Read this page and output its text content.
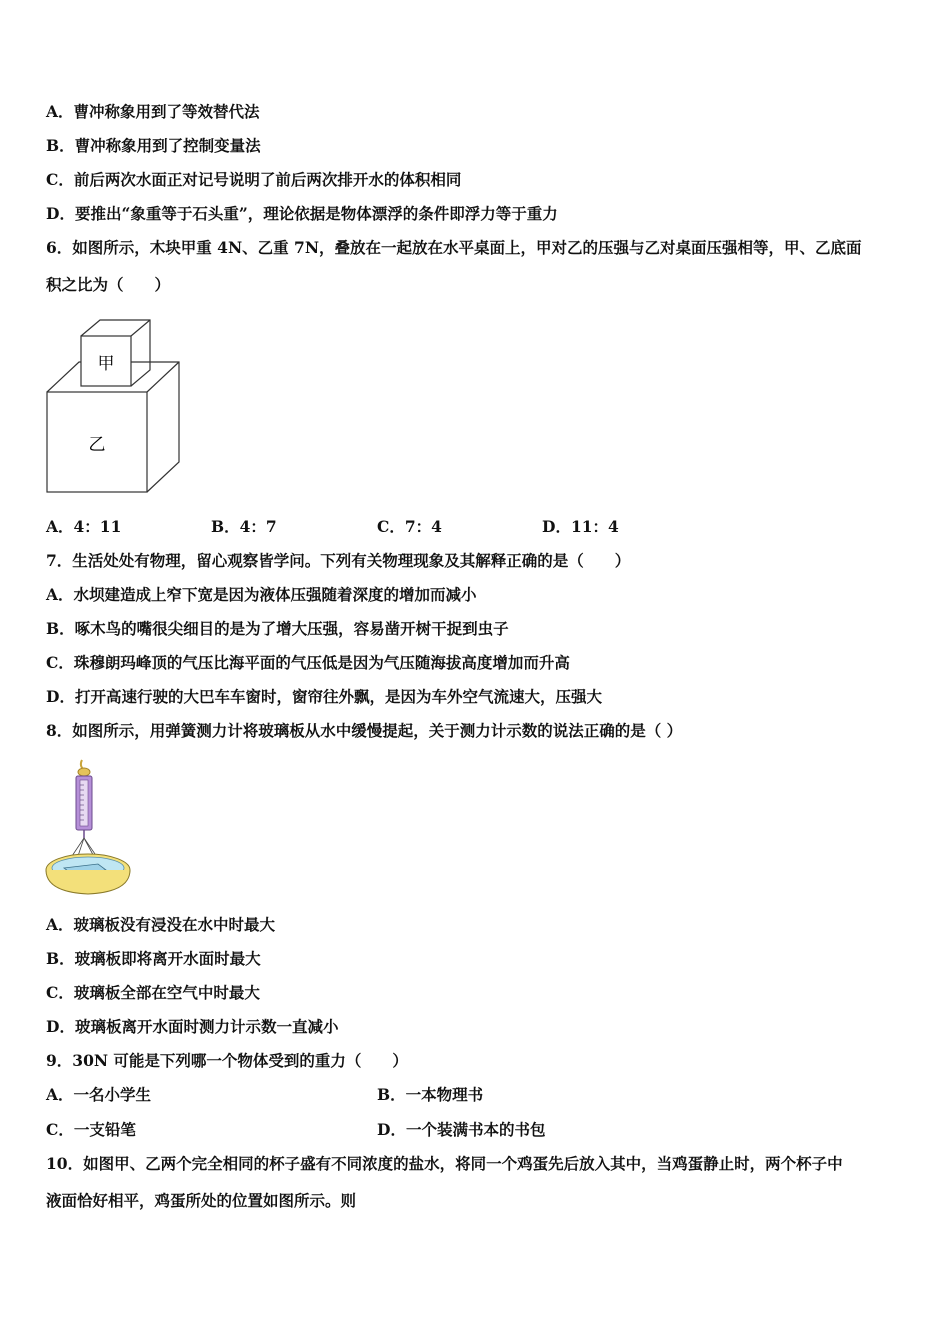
A．曹冲称象用到了等效替代法
B．曹冲称象用到了控制变量法
C．前后两次水面正对记号说明了前后两次排开水的体积相同
D．要推出“象重等于石头重”，理论依据是物体漂浮的条件即浮力等于重力
6．如图所示，木块甲重 4N、乙重 7N，叠放在一起放在水平桌面上，甲对乙的压强与乙对桌面压强相等，甲、乙底面
积之比为（　　）
甲
乙
A．4：11	B．4：7	C．7：4	D．11：4
7．生活处处有物理，留心观察皆学问。下列有关物理现象及其解释正确的是（　　）
A．水坝建造成上窄下宽是因为液体压强随着深度的增加而减小
B．啄木鸟的嘴很尖细目的是为了增大压强，容易凿开树干捉到虫子
C．珠穆朗玛峰顶的气压比海平面的气压低是因为气压随海拔高度增加而升高
D．打开高速行驶的大巴车车窗时，窗帘往外飘，是因为车外空气流速大，压强大
8．如图所示，用弹簧测力计将玻璃板从水中缓慢提起，关于测力计示数的说法正确的是（ ）
A．玻璃板没有浸没在水中时最大
B．玻璃板即将离开水面时最大
C．玻璃板全部在空气中时最大
D．玻璃板离开水面时测力计示数一直减小
9．30N 可能是下列哪一个物体受到的重力（　　）
A．一名小学生	B．一本物理书
C．一支铅笔	D．一个装满书本的书包
10．如图甲、乙两个完全相同的杯子盛有不同浓度的盐水，将同一个鸡蛋先后放入其中，当鸡蛋静止时，两个杯子中
液面恰好相平，鸡蛋所处的位置如图所示。则
